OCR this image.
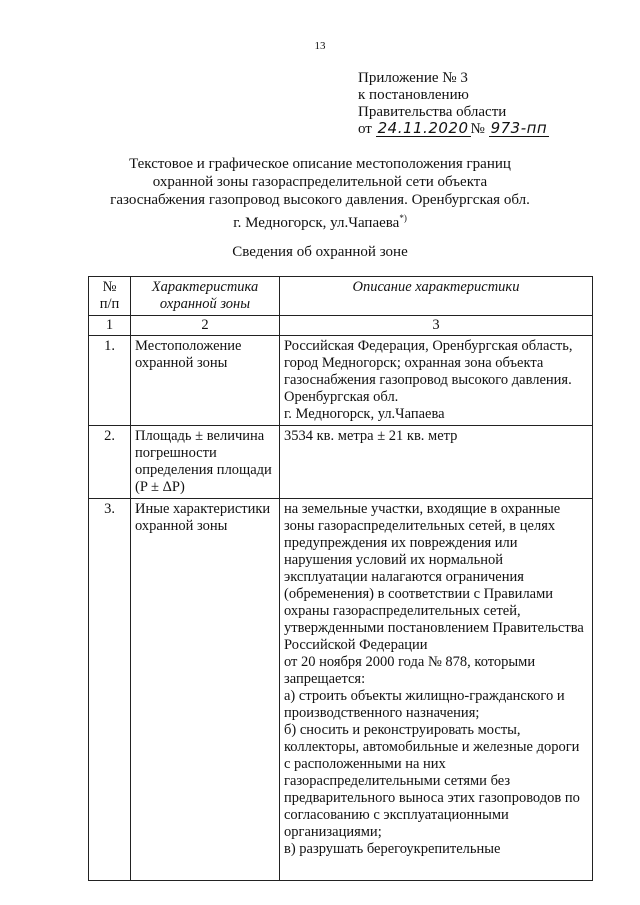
13
Приложение № 3
к постановлению
Правительства области
от 24.11.2020 № 973-пп
Текстовое и графическое описание местоположения границ охранной зоны газораспределительной сети объекта газоснабжения газопровод высокого давления. Оренбургская обл. г. Медногорск, ул.Чапаева*)
Сведения об охранной зоне
№
п/п	Характеристика охранной зоны	Описание характеристики
1	2	3
1.	Местоположение охранной зоны	Российская Федерация, Оренбургская область, город Медногорск; охранная зона объекта газоснабжения газопровод высокого давления. Оренбургская обл.
г. Медногорск, ул.Чапаева
2.	Площадь ± величина погрешности определения площади (P ± ΔP)	3534 кв. метра ± 21 кв. метр
3.	Иные характеристики охранной зоны	на земельные участки, входящие в охранные зоны газораспределительных сетей, в целях предупреждения их повреждения или нарушения условий их нормальной эксплуатации налагаются ограничения (обременения) в соответствии с Правилами охраны газораспределительных сетей, утвержденными постановлением Правительства Российской Федерации
от 20 ноября 2000 года № 878, которыми запрещается:
а) строить объекты жилищно-гражданского и производственного назначения;
б) сносить и реконструировать мосты, коллекторы, автомобильные и железные дороги с расположенными на них газораспределительными сетями без предварительного выноса этих газопроводов по согласованию с эксплуатационными организациями;
в) разрушать берегоукрепительные
